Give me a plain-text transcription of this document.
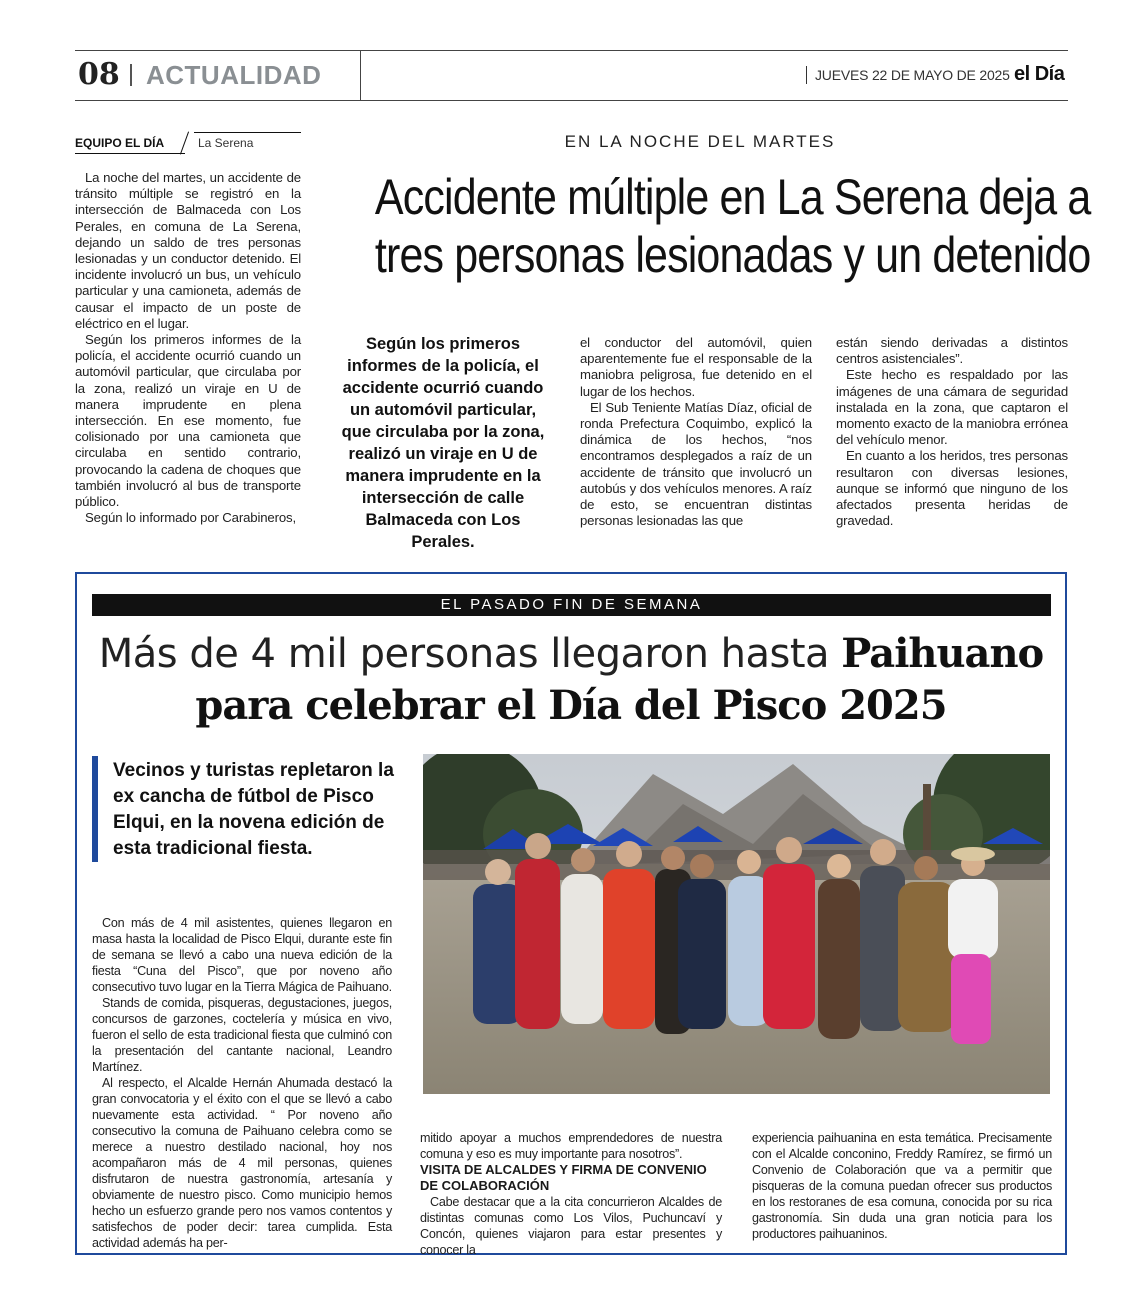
08 ACTUALIDAD	JUEVES 22 DE MAYO DE 2025 el Día
EQUIPO EL DÍA	La Serena

La noche del martes, un accidente de tránsito múltiple se registró en la intersección de Balmaceda con Los Perales, en comuna de La Serena, dejando un saldo de tres personas lesionadas y un conductor detenido. El incidente involucró un bus, un vehículo particular y una camioneta, además de causar el impacto de un poste de eléctrico en el lugar.

Según los primeros informes de la policía, el accidente ocurrió cuando un automóvil particular, que circulaba por la zona, realizó un viraje en U de manera imprudente en plena intersección. En ese momento, fue colisionado por una camioneta que circulaba en sentido contrario, provocando la cadena de choques que también involucró al bus de transporte público.

Según lo informado por Carabineros,

EN LA NOCHE DEL MARTES
Accidente múltiple en La Serena deja a
tres personas lesionadas y un detenido
Según los primeros informes de la policía, el accidente ocurrió cuando un automóvil particular, que circulaba por la zona, realizó un viraje en U de manera imprudente en la intersección de calle Balmaceda con Los Perales.

el conductor del automóvil, quien aparentemente fue el responsable de la maniobra peligrosa, fue detenido en el lugar de los hechos.

El Sub Teniente Matías Díaz, oficial de ronda Prefectura Coquimbo, explicó la dinámica de los hechos, “nos encontramos desplegados a raíz de un accidente de tránsito que involucró un autobús y dos vehículos menores. A raíz de esto, se encuentran distintas personas lesionadas las que

están siendo derivadas a distintos centros asistenciales”.

Este hecho es respaldado por las imágenes de una cámara de seguridad instalada en la zona, que captaron el momento exacto de la maniobra errónea del vehículo menor.

En cuanto a los heridos, tres personas resultaron con diversas lesiones, aunque se informó que ninguno de los afectados presenta heridas de gravedad.

EL PASADO FIN DE SEMANA
Más de 4 mil personas llegaron hasta Paihuano
para celebrar el Día del Pisco 2025
Vecinos y turistas repletaron la ex cancha de fútbol de Pisco Elqui, en la novena edición de esta tradicional fiesta.

Con más de 4 mil asistentes, quienes llegaron en masa hasta la localidad de Pisco Elqui, durante este fin de semana se llevó a cabo una nueva edición de la fiesta “Cuna del Pisco”, que por noveno año consecutivo tuvo lugar en la Tierra Mágica de Paihuano.

Stands de comida, pisqueras, degustaciones, juegos, concursos de garzones, coctelería y música en vivo, fueron el sello de esta tradicional fiesta que culminó con la presentación del cantante nacional, Leandro Martínez.

Al respecto, el Alcalde Hernán Ahumada destacó la gran convocatoria y el éxito con el que se llevó a cabo nuevamente esta actividad. “ Por noveno año consecutivo la comuna de Paihuano celebra como se merece a nuestro destilado nacional, hoy nos acompañaron más de 4 mil personas, quienes disfrutaron de nuestra gastronomía, artesanía y obviamente de nuestro pisco. Como municipio hemos hecho un esfuerzo grande pero nos vamos contentos y satisfechos de poder decir: tarea cumplida. Esta actividad además ha per-

mitido apoyar a muchos emprendedores de nuestra comuna y eso es muy importante para nosotros”.

VISITA DE ALCALDES Y FIRMA DE CONVENIO DE COLABORACIÓN

Cabe destacar que a la cita concurrieron Alcaldes de distintas comunas como Los Vilos, Puchuncaví y Concón, quienes viajaron para estar presentes y conocer la

experiencia paihuanina en esta temática. Precisamente con el Alcalde conconino, Freddy Ramírez, se firmó un Convenio de Colaboración que va a permitir que pisqueras de la comuna puedan ofrecer sus productos en los restoranes de esa comuna, conocida por su rica gastronomía. Sin duda una gran noticia para los productores paihuaninos.
